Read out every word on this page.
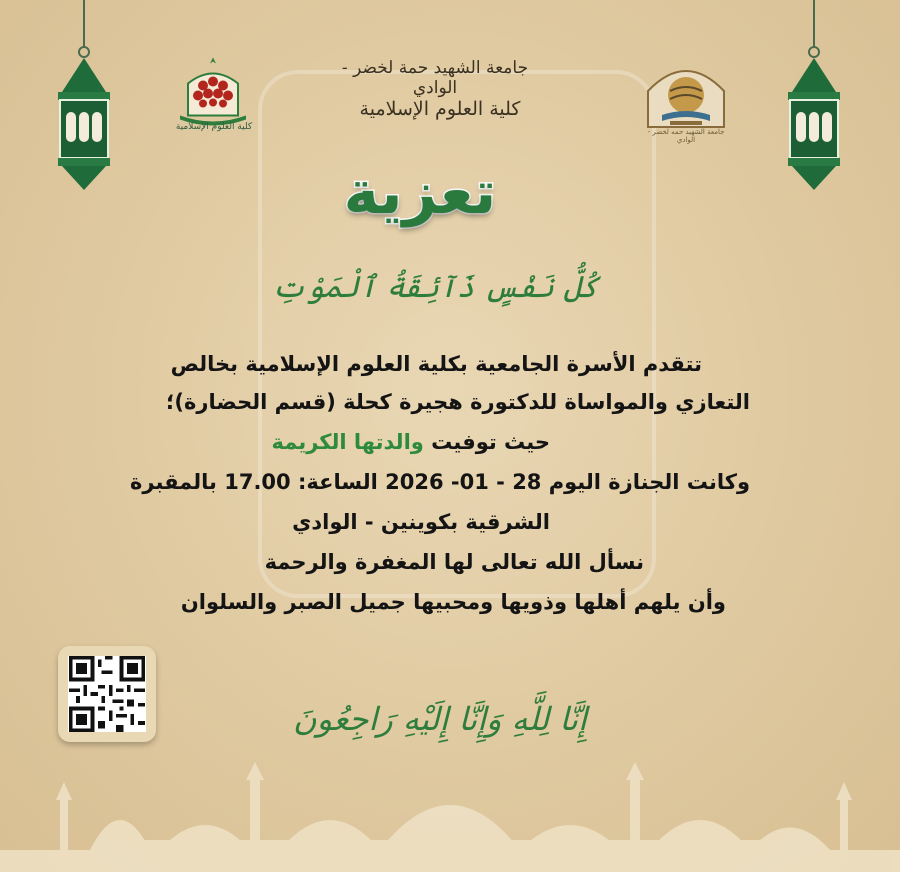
كلية العلوم الإسلامية	جامعة الشهيد حمه لخضر - الوادي
جامعة الشهيد حمة لخضر - الوادي
كلية العلوم الإسلامية
تعزية
كُلُّ نَفْسٍ ذَآئِقَةُ ٱلْمَوْتِ
تتقدم الأسرة الجامعية بكلية العلوم الإسلامية بخالص
التعازي والمواساة للدكتورة هجيرة كحلة (قسم الحضارة)؛
حيث توفيت والدتها الكريمة
وكانت الجنازة اليوم 28 - 01- 2026 الساعة: 17.00 بالمقبرة
الشرقية بكوينين - الوادي
نسأل الله تعالى لها المغفرة والرحمة
وأن يلهم أهلها وذويها ومحبيها جميل الصبر والسلوان
إِنَّا لِلَّهِ وَإِنَّا إِلَيْهِ رَاجِعُونَ
